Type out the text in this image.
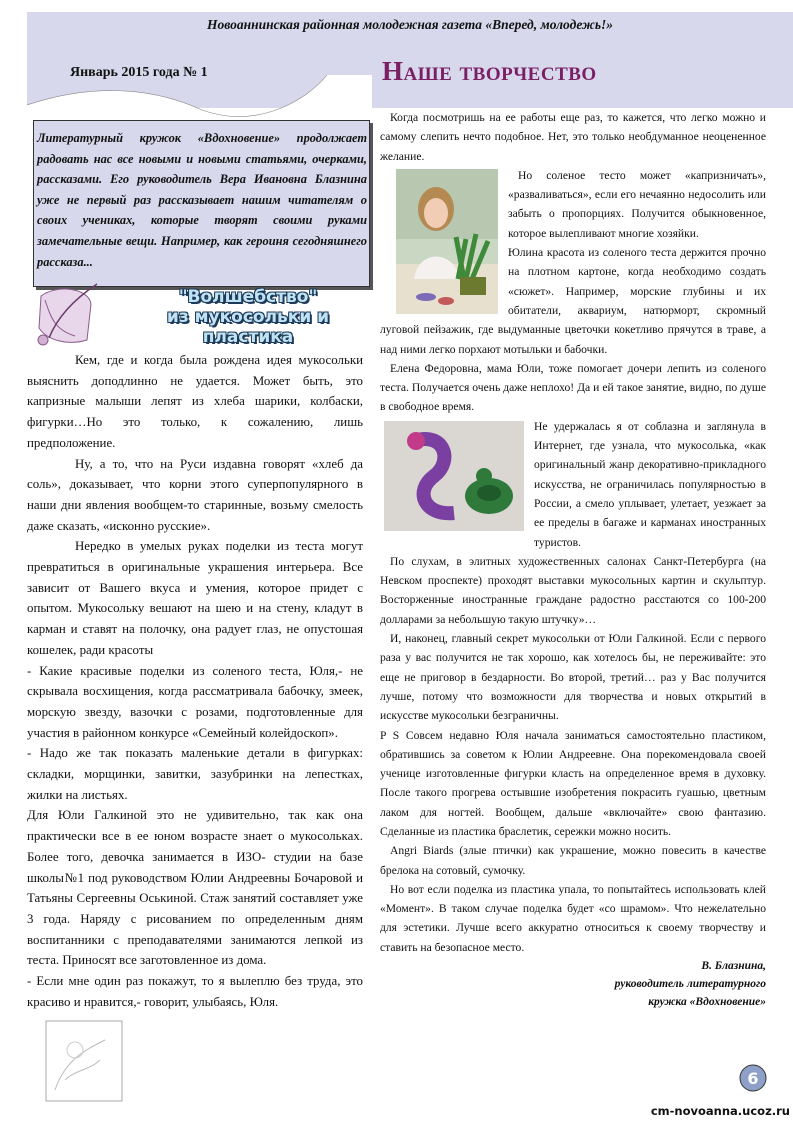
Новоаннинская районная молодежная газета «Вперед, молодежь!»
Январь 2015 года № 1	Наше творчество
Литературный кружок «Вдохновение» продолжает радовать нас все новыми и новыми статьями, очерками, рассказами. Его руководитель Вера Ивановна Блазнина уже не первый раз рассказывает нашим читателям о своих учениках, которые творят своими руками замечательные вещи. Например, как героиня сегодняшнего рассказа...
"Волшебство"
из мукосольки и
пластика

Кем, где и когда была рождена идея мукосольки выяснить доподлинно не удается. Может быть, это капризные малыши лепят из хлеба шарики, колбаски, фигурки…Но это только, к сожалению, лишь предположение.

Ну, а то, что на Руси издавна говорят «хлеб да соль», доказывает, что корни этого суперпопулярного в наши дни явления вообщем-то старинные, возьму смелость даже сказать, «исконно русские».

Нередко в умелых руках поделки из теста могут превратиться в оригинальные украшения интерьера. Все зависит от Вашего вкуса и умения, которое придет с опытом. Мукосольку вешают на шею и на стену, кладут в карман и ставят на полочку, она радует глаз, не опустошая кошелек, ради красоты

- Какие красивые поделки из соленого теста, Юля,- не скрывала восхищения, когда рассматривала бабочку, змеек, морскую звезду, вазочки с розами, подготовленные для участия в районном конкурсе «Семейный колейдоскоп».

- Надо же так показать маленькие детали в фигурках: складки, морщинки, завитки, зазубринки на лепестках, жилки на листьях.

Для Юли Галкиной это не удивительно, так как она практически все в ее юном возрасте знает о мукосольках. Более того, девочка занимается в ИЗО- студии на базе школы№1 под руководством Юлии Андреевны Бочаровой и Татьяны Сергеевны Оськиной. Стаж занятий составляет уже 3 года. Наряду с рисованием по определенным дням воспитанники с преподавателями занимаются лепкой из теста. Приносят все заготовленное из дома.

- Если мне один раз покажут, то я вылеплю без труда, это красиво и нравится,- говорит, улыбаясь, Юля.

Когда посмотришь на ее работы еще раз, то кажется, что легко можно и самому слепить нечто подобное. Нет, это только необдуманное неоцененное желание.

Но соленое тесто может «капризничать», «разваливаться», если его нечаянно недосолить или забыть о пропорциях. Получится обыкновенное, которое вылепливают многие хозяйки.

Юлина красота из соленого теста держится прочно на плотном картоне, когда необходимо создать «сюжет». Например, морские глубины и их обитатели, аквариум, натюрморт, скромный луговой пейзажик, где выдуманные цветочки кокетливо прячутся в траве, а над ними легко порхают мотыльки и бабочки.

Елена Федоровна, мама Юли, тоже помогает дочери лепить из соленого теста. Получается очень даже неплохо! Да и ей такое занятие, видно, по душе в свободное время.

Не удержалась я от соблазна и заглянула в Интернет, где узнала, что мукосолька, «как оригинальный жанр декоративно-прикладного искусства, не ограничилась популярностью в России, а смело уплывает, улетает, уезжает за ее пределы в багаже и карманах иностранных туристов.

По слухам, в элитных художественных салонах Санкт-Петербурга (на Невском проспекте) проходят выставки мукосольных картин и скульптур. Восторженные иностранные граждане радостно расстаются со 100-200 долларами за небольшую такую штучку»…

И, наконец, главный секрет мукосольки от Юли Галкиной. Если с первого раза у вас получится не так хорошо, как хотелось бы, не переживайте: это еще не приговор в бездарности. Во второй, третий… раз у Вас получится лучше, потому что возможности для творчества и новых открытий в искусстве мукосольки безграничны.

P S Совсем недавно Юля начала заниматься самостоятельно пластиком, обратившись за советом к Юлии Андреевне. Она порекомендовала своей ученице изготовленные фигурки класть на определенное время в духовку. После такого прогрева остывшие изобретения покрасить гуашью, цветным лаком для ногтей. Вообщем, дальше «включайте» свою фантазию. Сделанные из пластика браслетик, сережки можно носить.

Angri Biards (злые птички) как украшение, можно повесить в качестве брелока на сотовый, сумочку.

Но вот если поделка из пластика упала, то попытайтесь использовать клей «Момент». В таком случае поделка будет «со шрамом». Что нежелательно для эстетики. Лучше всего аккуратно относиться к своему творчеству и ставить на безопасное место.

В. Блазнина,
руководитель литературного
кружка «Вдохновение»
6
cm-novoanna.ucoz.ru
